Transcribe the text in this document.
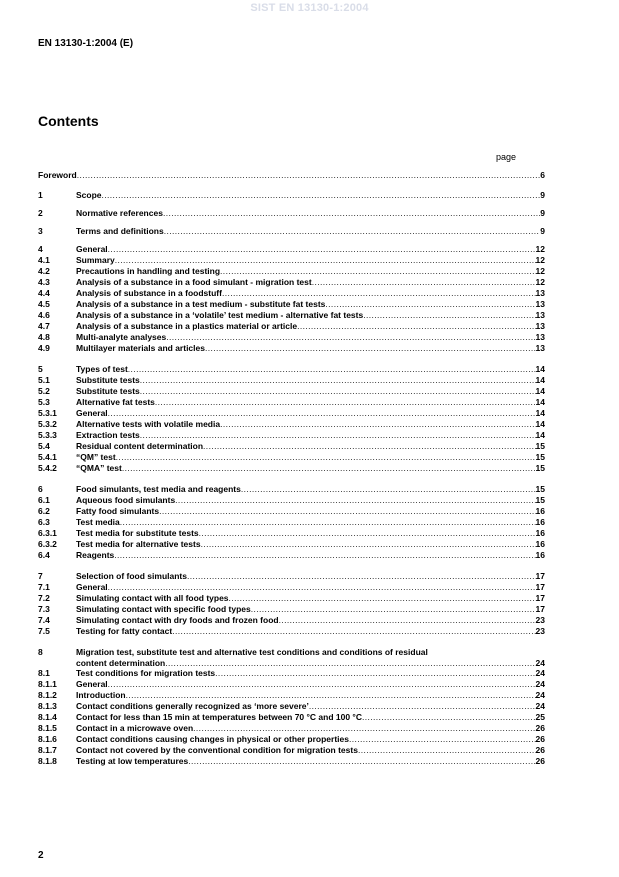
SIST EN 13130-1:2004
EN 13130-1:2004 (E)
Contents
page
Foreword .....	6
1	Scope .....	9
2	Normative references .....	9
3	Terms and definitions .....	9
4	General .....	12
4.1	Summary .....	12
4.2	Precautions in handling and testing .....	12
4.3	Analysis of a substance in a food simulant - migration test .....	12
4.4	Analysis of substance in a foodstuff .....	13
4.5	Analysis of a substance in a test medium - substitute fat tests .....	13
4.6	Analysis of a substance in a ‘volatile’ test medium - alternative fat tests .....	13
4.7	Analysis of a substance in a plastics material or article .....	13
4.8	Multi-analyte analyses .....	13
4.9	Multilayer materials and articles .....	13
5	Types of test .....	14
5.1	Substitute tests .....	14
5.2	Substitute tests .....	14
5.3	Alternative fat tests .....	14
5.3.1 General .....	14
5.3.2 Alternative tests with volatile media .....	14
5.3.3 Extraction tests .....	14
5.4	Residual content determination .....	15
5.4.1 “QM” test .....	15
5.4.2 “QMA” test .....	15
6	Food simulants, test media and reagents .....	15
6.1	Aqueous food simulants .....	15
6.2	Fatty food simulants .....	16
6.3	Test media .....	16
6.3.1 Test media for substitute tests .....	16
6.3.2 Test media for alternative tests .....	16
6.4	Reagents .....	16
7	Selection of food simulants .....	17
7.1	General .....	17
7.2	Simulating contact with all food types .....	17
7.3	Simulating contact with specific food types .....	17
7.4	Simulating contact with dry foods and frozen food .....	23
7.5	Testing for fatty contact .....	23
8	Migration test, substitute test and alternative test conditions and conditions of residual
content determination .....	24
8.1	Test conditions for migration tests .....	24
8.1.1 General .....	24
8.1.2 Introduction .....	24
8.1.3 Contact conditions generally recognized as ‘more severe’ .....	24
8.1.4 Contact for less than 15 min at temperatures between 70 °C and 100 °C .....	25
8.1.5 Contact in a microwave oven .....	26
8.1.6 Contact conditions causing changes in physical or other properties .....	26
8.1.7 Contact not covered by the conventional condition for migration tests .....	26
8.1.8 Testing at low temperatures .....	26
2
